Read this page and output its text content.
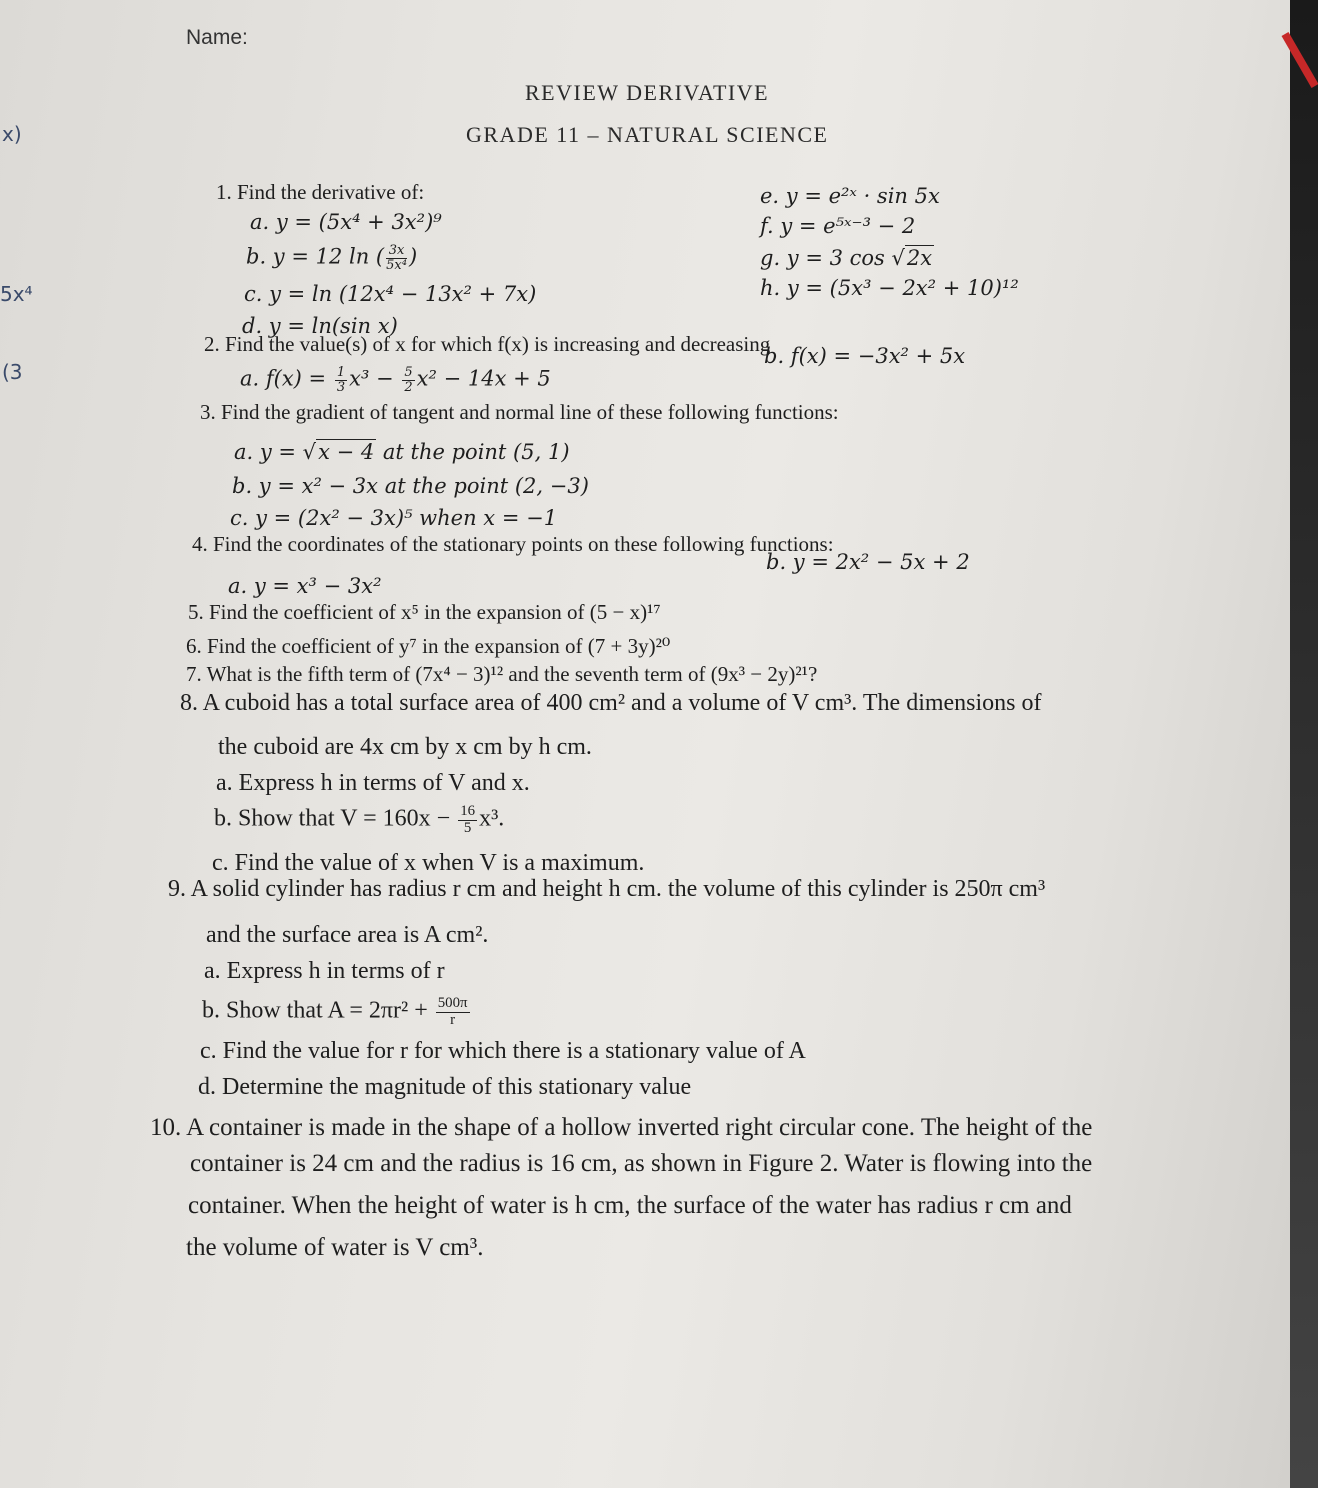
x)
5x⁴
(3
Name:
REVIEW DERIVATIVE
GRADE 11 – NATURAL SCIENCE
1. Find the derivative of:
a. y = (5x⁴ + 3x²)⁹
b. y = 12 ln ( $\frac{3x}{\text{5x⁴}}$ )
c. y = ln (12x⁴ − 13x² + 7x)
d. y = ln(sin x)
e. y = e²ˣ · sin 5x
f. y = e⁵ˣ⁻³ − 2
g. y = 3 cos √2x
h. y = (5x³ − 2x² + 10)¹²
2. Find the value(s) of x for which f(x) is increasing and decreasing
a. $f(x) = \frac{1}{3} x^3 - \frac{5}{2} x^2 - 14x + 5$
b. f(x) = −3x² + 5x
3. Find the gradient of tangent and normal line of these following functions:
a. y = √x − 4 at the point (5, 1)
b. y = x² − 3x at the point (2, −3)
c. y = (2x² − 3x)⁵ when x = −1
4. Find the coordinates of the stationary points on these following functions:
a. y = x³ − 3x²
b. y = 2x² − 5x + 2
5. Find the coefficient of x⁵ in the expansion of (5 − x)¹⁷
6. Find the coefficient of y⁷ in the expansion of (7 + 3y)²⁰
7. What is the fifth term of (7x⁴ − 3)¹² and the seventh term of (9x³ − 2y)²¹?
8. A cuboid has a total surface area of 400 cm² and a volume of V cm³. The dimensions of
the cuboid are 4x cm by x cm by h cm.
a. Express h in terms of V and x.
b. Show that $V = 160x - \frac{16}{5} x^3$.
c. Find the value of x when V is a maximum.
9. A solid cylinder has radius r cm and height h cm. the volume of this cylinder is 250π cm³
and the surface area is A cm².
a. Express h in terms of r
b. Show that $A = 2\pi r^2 + \frac{500\pi}{r}$
c. Find the value for r for which there is a stationary value of A
d. Determine the magnitude of this stationary value
10. A container is made in the shape of a hollow inverted right circular cone. The height of the
container is 24 cm and the radius is 16 cm, as shown in Figure 2. Water is flowing into the
container. When the height of water is h cm, the surface of the water has radius r cm and
the volume of water is V cm³.
